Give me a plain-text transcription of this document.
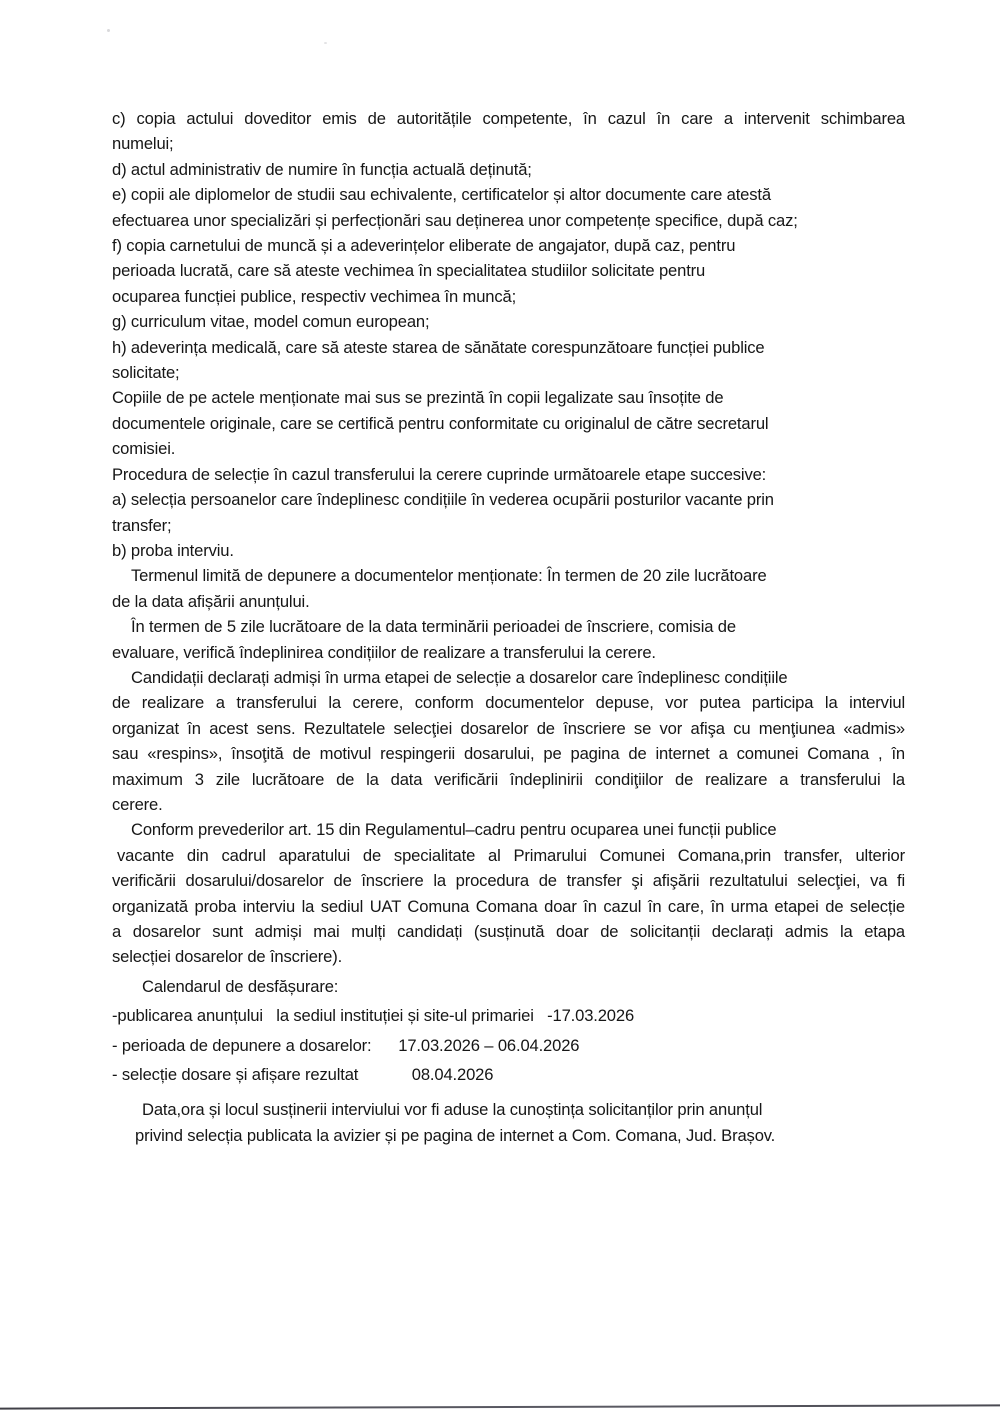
c) copia actului doveditor emis de autoritățile competente, în cazul în care a intervenit schimbarea
numelui;
d) actul administrativ de numire în funcția actuală deținută;
e) copii ale diplomelor de studii sau echivalente, certificatelor și altor documente care atestă
efectuarea unor specializări și perfecționări sau deținerea unor competențe specifice, după caz;
f) copia carnetului de muncă și a adeverințelor eliberate de angajator, după caz, pentru
perioada lucrată, care să ateste vechimea în specialitatea studiilor solicitate pentru
ocuparea funcției publice, respectiv vechimea în muncă;
g) curriculum vitae, model comun european;
h) adeverința medicală, care să ateste starea de sănătate corespunzătoare funcției publice
solicitate;
Copiile de pe actele menționate mai sus se prezintă în copii legalizate sau însoțite de
documentele originale, care se certifică pentru conformitate cu originalul de către secretarul
comisiei.
Procedura de selecție în cazul transferului la cerere cuprinde următoarele etape succesive:
a) selecția persoanelor care îndeplinesc condițiile în vederea ocupării posturilor vacante prin
transfer;
b) proba interviu.
Termenul limită de depunere a documentelor menționate: În termen de 20 zile lucrătoare
de la data afișării anunțului.
În termen de 5 zile lucrătoare de la data terminării perioadei de înscriere, comisia de
evaluare, verifică îndeplinirea condițiilor de realizare a transferului la cerere.
Candidații declarați admiși în urma etapei de selecție a dosarelor care îndeplinesc condițiile
de realizare a transferului la cerere, conform documentelor depuse, vor putea participa la interviul
organizat în acest sens. Rezultatele selecţiei dosarelor de înscriere se vor afişa cu menţiunea «admis»
sau «respins», însoţită de motivul respingerii dosarului, pe pagina de internet a comunei Comana , în
maximum 3 zile lucrătoare de la data verificării îndeplinirii condiţiilor de realizare a transferului la
cerere.
Conform prevederilor art. 15 din Regulamentul–cadru pentru ocuparea unei funcții publice
vacante din cadrul aparatului de specialitate al Primarului Comunei Comana,prin transfer, ulterior
verificării dosarului/dosarelor de înscriere la procedura de transfer şi afişării rezultatului selecţiei, va fi
organizată proba interviu la sediul UAT Comuna Comana doar în cazul în care, în urma etapei de selecție
a dosarelor sunt admiși mai mulți candidați (susținută doar de solicitanții declarați admis la etapa
selecției dosarelor de înscriere).
Calendarul de desfășurare:
-publicarea anunțului   la sediul instituției și site-ul primariei   -17.03.2026
- perioada de depunere a dosarelor:      17.03.2026 – 06.04.2026
- selecție dosare și afișare rezultat            08.04.2026
Data,ora și locul susținerii interviului vor fi aduse la cunoștința solicitanților prin anunțul
privind selecția publicata la avizier și pe pagina de internet a Com. Comana, Jud. Brașov.
